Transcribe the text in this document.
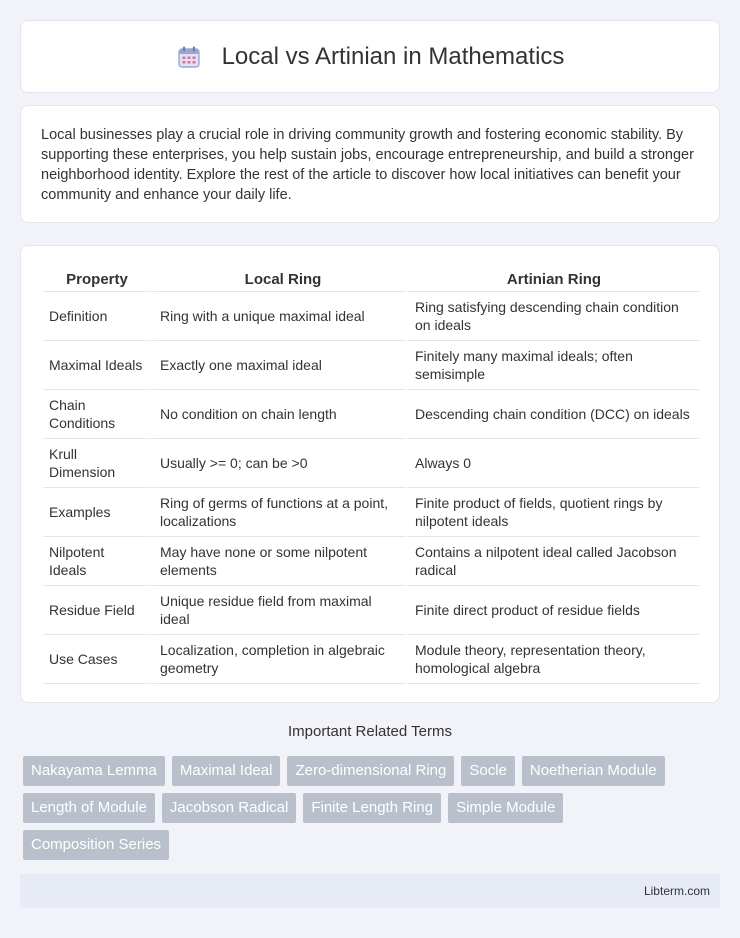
Local vs Artinian in Mathematics
Local businesses play a crucial role in driving community growth and fostering economic stability. By supporting these enterprises, you help sustain jobs, encourage entrepreneurship, and build a stronger neighborhood identity. Explore the rest of the article to discover how local initiatives can benefit your community and enhance your daily life.
Property	Local Ring	Artinian Ring
Definition	Ring with a unique maximal ideal	Ring satisfying descending chain condition on ideals
Maximal Ideals	Exactly one maximal ideal	Finitely many maximal ideals; often semisimple
Chain Conditions	No condition on chain length	Descending chain condition (DCC) on ideals
Krull Dimension	Usually >= 0; can be >0	Always 0
Examples	Ring of germs of functions at a point, localizations	Finite product of fields, quotient rings by nilpotent ideals
Nilpotent Ideals	May have none or some nilpotent elements	Contains a nilpotent ideal called Jacobson radical
Residue Field	Unique residue field from maximal ideal	Finite direct product of residue fields
Use Cases	Localization, completion in algebraic geometry	Module theory, representation theory, homological algebra
Important Related Terms
Nakayama Lemma	Maximal Ideal	Zero-dimensional Ring	Socle	Noetherian Module
Length of Module	Jacobson Radical	Finite Length Ring	Simple Module
Composition Series
Libterm.com
